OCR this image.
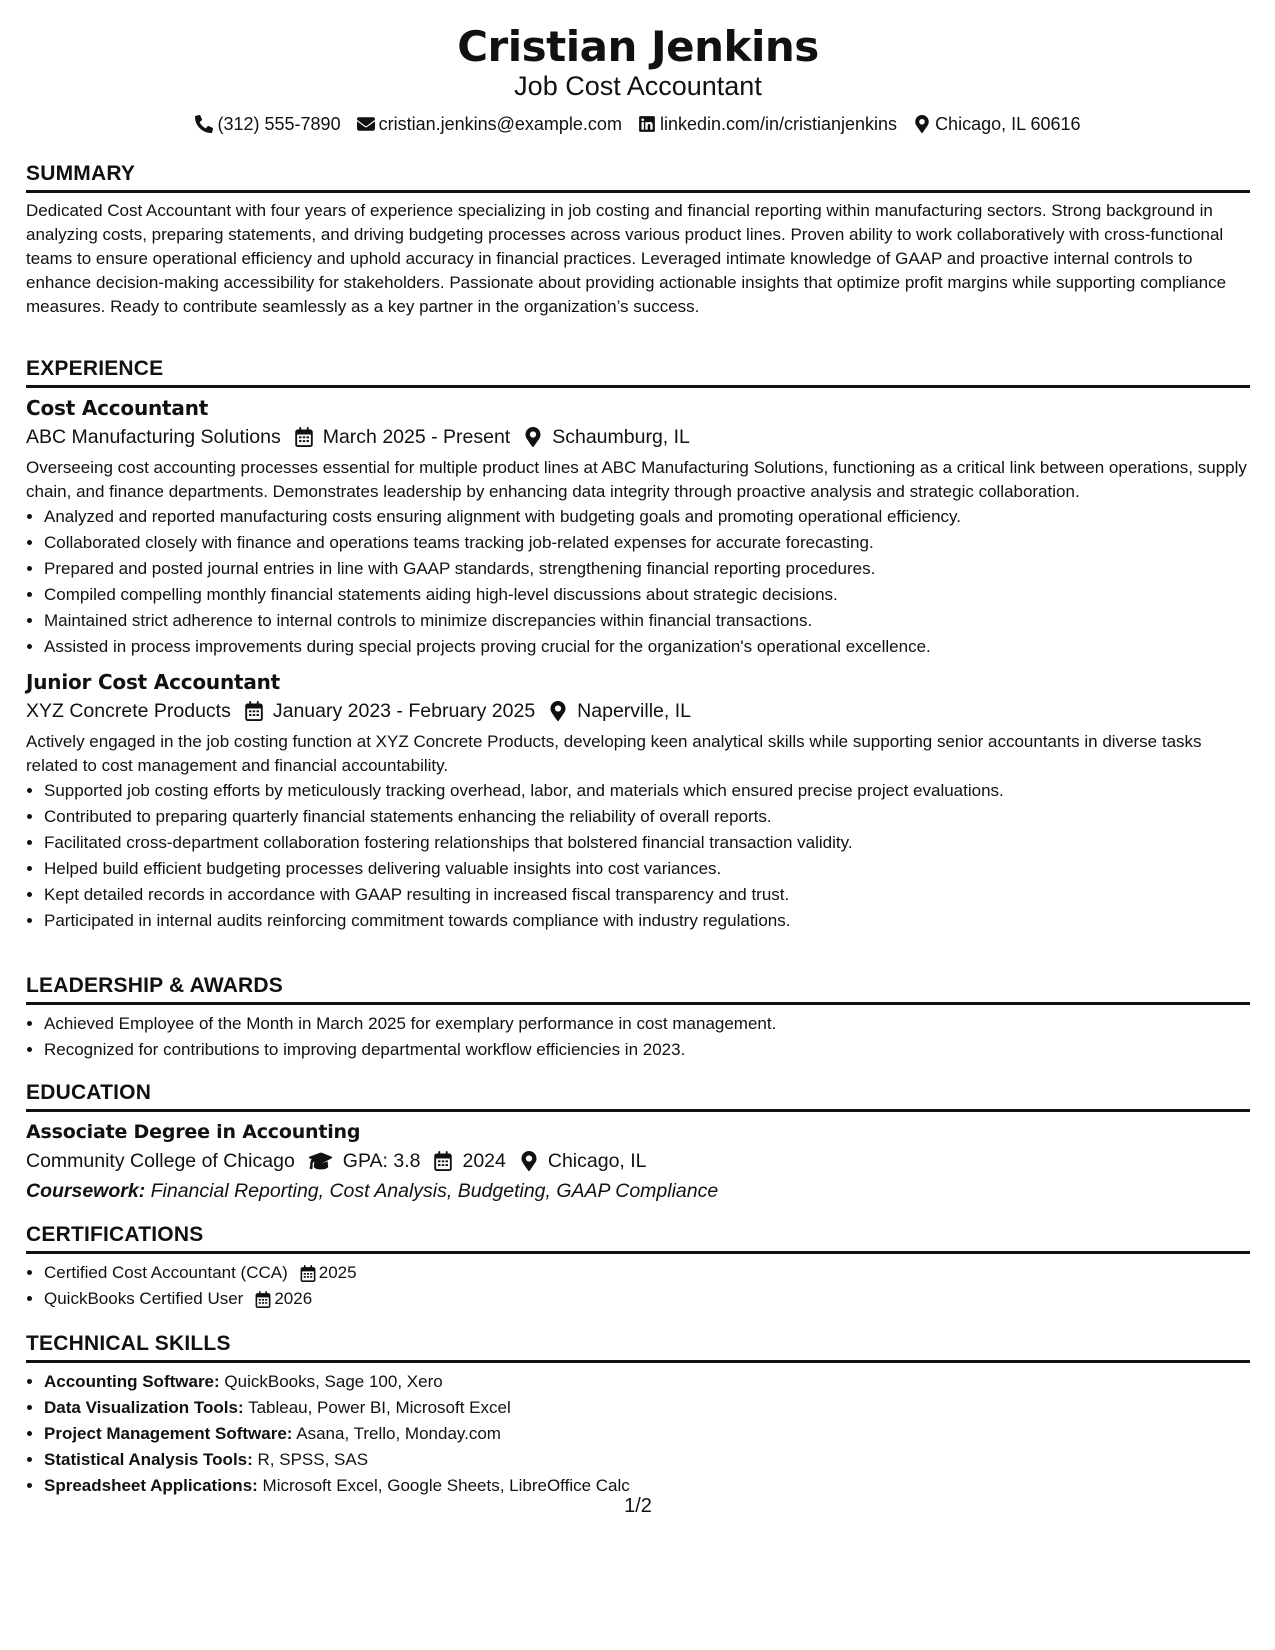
Cristian Jenkins
Job Cost Accountant
(312) 555-7890 cristian.jenkins@example.com linkedin.com/in/cristianjenkins Chicago, IL 60616
SUMMARY

Dedicated Cost Accountant with four years of experience specializing in job costing and financial reporting within manufacturing sectors. Strong background in analyzing costs, preparing statements, and driving budgeting processes across various product lines. Proven ability to work collaboratively with cross-functional teams to ensure operational efficiency and uphold accuracy in financial practices. Leveraged intimate knowledge of GAAP and proactive internal controls to enhance decision-making accessibility for stakeholders. Passionate about providing actionable insights that optimize profit margins while supporting compliance measures. Ready to contribute seamlessly as a key partner in the organization’s success.

EXPERIENCE
Cost Accountant
ABC Manufacturing Solutions March 2025 - Present Schaumburg, IL

Overseeing cost accounting processes essential for multiple product lines at ABC Manufacturing Solutions, functioning as a critical link between operations, supply chain, and finance departments. Demonstrates leadership by enhancing data integrity through proactive analysis and strategic collaboration.

• Analyzed and reported manufacturing costs ensuring alignment with budgeting goals and promoting operational efficiency.
• Collaborated closely with finance and operations teams tracking job-related expenses for accurate forecasting.
• Prepared and posted journal entries in line with GAAP standards, strengthening financial reporting procedures.
• Compiled compelling monthly financial statements aiding high-level discussions about strategic decisions.
• Maintained strict adherence to internal controls to minimize discrepancies within financial transactions.
• Assisted in process improvements during special projects proving crucial for the organization's operational excellence.
Junior Cost Accountant
XYZ Concrete Products January 2023 - February 2025 Naperville, IL

Actively engaged in the job costing function at XYZ Concrete Products, developing keen analytical skills while supporting senior accountants in diverse tasks related to cost management and financial accountability.

• Supported job costing efforts by meticulously tracking overhead, labor, and materials which ensured precise project evaluations.
• Contributed to preparing quarterly financial statements enhancing the reliability of overall reports.
• Facilitated cross-department collaboration fostering relationships that bolstered financial transaction validity.
• Helped build efficient budgeting processes delivering valuable insights into cost variances.
• Kept detailed records in accordance with GAAP resulting in increased fiscal transparency and trust.
• Participated in internal audits reinforcing commitment towards compliance with industry regulations.
LEADERSHIP & AWARDS
• Achieved Employee of the Month in March 2025 for exemplary performance in cost management.
• Recognized for contributions to improving departmental workflow efficiencies in 2023.
EDUCATION
Associate Degree in Accounting
Community College of Chicago GPA: 3.8 2024 Chicago, IL
Coursework: Financial Reporting, Cost Analysis, Budgeting, GAAP Compliance
CERTIFICATIONS
• Certified Cost Accountant (CCA) 2025
• QuickBooks Certified User 2026
TECHNICAL SKILLS
• Accounting Software: QuickBooks, Sage 100, Xero
• Data Visualization Tools: Tableau, Power BI, Microsoft Excel
• Project Management Software: Asana, Trello, Monday.com
• Statistical Analysis Tools: R, SPSS, SAS
• Spreadsheet Applications: Microsoft Excel, Google Sheets, LibreOffice Calc
1/2
